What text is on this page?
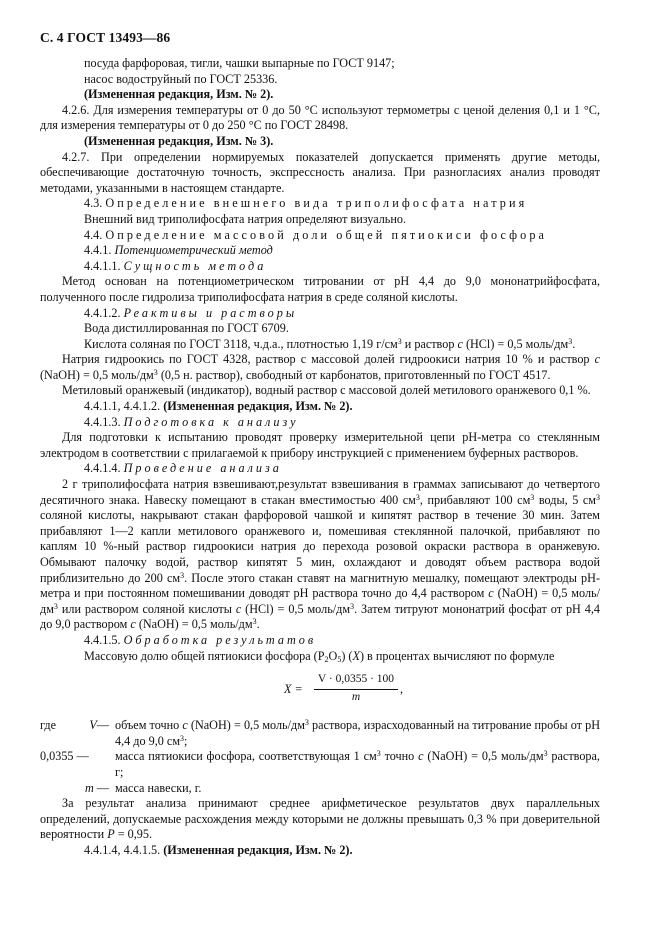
С. 4 ГОСТ 13493—86

посуда фарфоровая, тигли, чашки выпарные по ГОСТ 9147;

насос водоструйный по ГОСТ 25336.

(Измененная редакция, Изм. № 2).

4.2.6. Для измерения температуры от 0 до 50 °С используют термометры с ценой деления 0,1 и 1 °С, для измерения температуры от 0 до 250 °С по ГОСТ 28498.

(Измененная редакция, Изм. № 3).

4.2.7. При определении нормируемых показателей допускается применять другие методы, обеспечивающие достаточную точность, экспрессность анализа. При разногласиях анализ проводят методами, указанными в настоящем стандарте.

4.3. Определение внешнего вида триполифосфата натрия

Внешний вид триполифосфата натрия определяют визуально.

4.4. Определение массовой доли общей пятиокиси фосфора

4.4.1. Потенциометрический метод

4.4.1.1. Сущность метода

Метод основан на потенциометрическом титровании от pH 4,4 до 9,0 мононатрийфосфата, полученного после гидролиза триполифосфата натрия в среде соляной кислоты.

4.4.1.2. Реактивы и растворы

Вода дистиллированная по ГОСТ 6709.

Кислота соляная по ГОСТ 3118, ч.д.а., плотностью 1,19 $г/см^3$ и раствор c (HCl) = 0,5 моль/$дм^3$.

Натрия гидроокись по ГОСТ 4328, раствор с массовой долей гидроокиси натрия 10 % и раствор c (NaOH) = 0,5 моль/$дм^3$ (0,5 н. раствор), свободный от карбонатов, приготовленный по ГОСТ 4517.

Метиловый оранжевый (индикатор), водный раствор с массовой долей метилового оранжевого 0,1 %.

4.4.1.1, 4.4.1.2. (Измененная редакция, Изм. № 2).

4.4.1.3. Подготовка к анализу

Для подготовки к испытанию проводят проверку измерительной цепи pH-метра со стеклянным электродом в соответствии с прилагаемой к прибору инструкцией с применением буферных растворов.

4.4.1.4. Проведение анализа

2 г триполифосфата натрия взвешивают,результат взвешивания в граммах записывают до четвертого десятичного знака. Навеску помещают в стакан вместимостью 400 $см^3$, прибавляют 100 $см^3$ воды, 5 $см^3$ соляной кислоты, накрывают стакан фарфоровой чашкой и кипятят раствор в течение 30 мин. Затем прибавляют 1—2 капли метилового оранжевого и, помешивая стеклянной палочкой, прибавляют по каплям 10 %-ный раствор гидроокиси натрия до перехода розовой окраски раствора в оранжевую. Обмывают палочку водой, раствор кипятят 5 мин, охлаждают и доводят объем раствора водой приблизительно до 200 $см^3$. После этого стакан ставят на магнитную мешалку, помещают электроды pH-метра и при постоянном помешивании доводят pH раствора точно до 4,4 раствором c (NaOH) = 0,5 моль/$дм^3$ или раствором соляной кислоты c (HCl) = 0,5 моль/$дм^3$. Затем титруют мононатрий фосфат от pH 4,4 до 9,0 раствором c (NaOH) = 0,5 моль/$дм^3$.

4.4.1.5. Обработка результатов

Массовую долю общей пятиокиси фосфора $(P_2O_5)$ (X) в процентах вычисляют по формуле

$X = \frac{V \cdot 0,0355 \cdot 100}{m}$ ,
где	V— объем точно c (NaOH) = 0,5 моль/$дм^3$ раствора, израсходованный на титрование пробы от pH 4,4 до 9,0 $см^3$;
0,0355 —	масса пятиокиси фосфора, соответствующая 1 $см^3$ точно c (NaOH) = 0,5 моль/$дм^3$ раствора, г;
m — масса навески, г.

За результат анализа принимают среднее арифметическое результатов двух параллельных определений, допускаемые расхождения между которыми не должны превышать 0,3 % при доверительной вероятности P = 0,95.

4.4.1.4, 4.4.1.5. (Измененная редакция, Изм. № 2).
